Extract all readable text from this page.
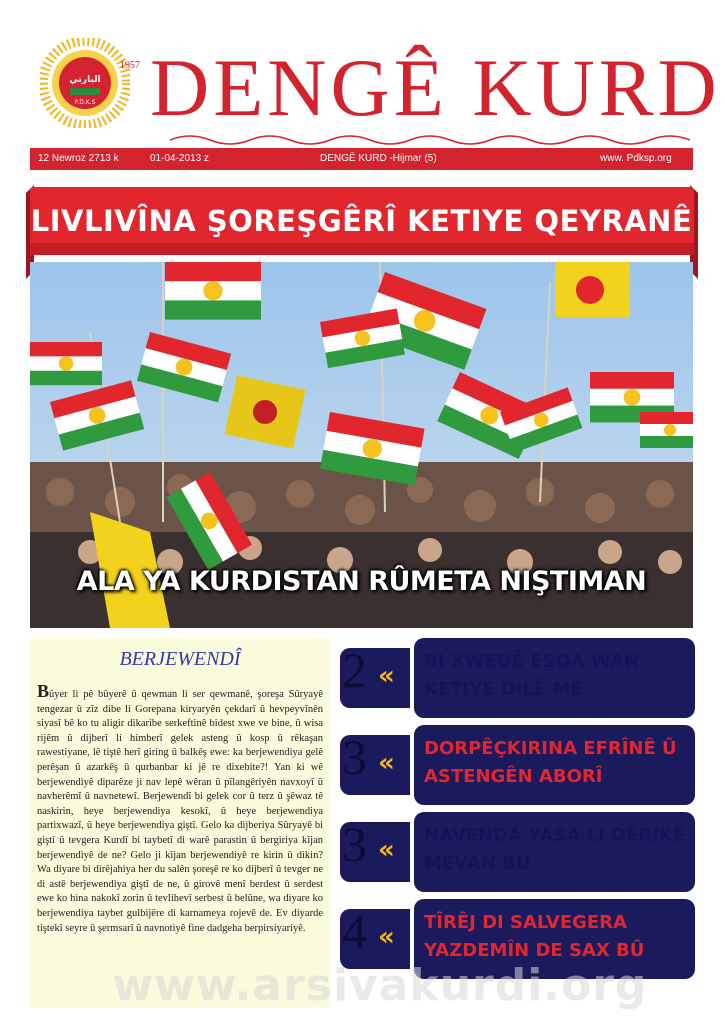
البارتي
P.D.K.S
1957 DENGÊ KURD
12 Newroz 2713 k	01-04-2013 z	DENGÊ KURD -Hijmar (5)	www. Pdksp.org
LIVLIVÎNA ŞOREŞGÊRÎ KETIYE QEYRANÊ
ALA YA KURDISTAN RÛMETA NIŞTIMAN
BERJEWENDÎ

Bûyer li pê bûyerê û qewman li ser qewmanê, şoreşa Sûryayê tengezar û zîz dibe li Gorepana kiryaryên çekdarî û hevpeyvînên siyasî bê ko tu aligir dikaribe serkeftinê bidest xwe ve bine, û wisa rijêm û dijberî li himberî gelek asteng û kosp û rêkaşan rawestiyane, lê tiştê herî giring û balkêş ewe: ka berjewendiya gelê perêşan û azarkêş û qurbanbar ki jê re dixebite?! Yan ki wê berjewendiyê diparêze ji nav lepê wêran û pîlangêriyên navxoyî û navherêmî û navnetewî. Berjewendî bi gelek cor û terz û şêwaz tê naskirin, heye berjewendiya kesokî, û heye berjewendiya partixwazî, û heye berjewendiya giştî. Gelo ka dijberiya Sûryayê bi giştî û tevgera Kurdî bi taybetî di warê parastin û bergiriya kîjan berjewendiyê de ne? Gelo ji kîjan berjewendiyê re kirin û dikin? Wa diyare bi dirêjahiya her du salên şoreşê re ko dijberî û tevger ne di astê berjewendiya giştî de ne, û girovê menî berdest û serdest ewe ko hina nakokî zorin û tevlihevî serbest û belûne, wa diyare ko berjewendiya taybet gulbijêre di karnameya rojevê de. Ev diyarde tiştekî seyre û şermsarî û navnotiyê fine dadgeha berpirsiyariyê.

2 « BI XWEDÊ EŞQA WAN KETIYE DILÊ ME

3 « DORPÊÇKIRINA EFRÎNÊ Û ASTENGÊN ABORÎ

3 « NAVENDA YASA LI DÊRIKÊ MÊVAN BÛ

4 « TÎRÊJ DI SALVEGERA YAZDEMÎN DE SAX BÛ

www.arsivakurdi.org
